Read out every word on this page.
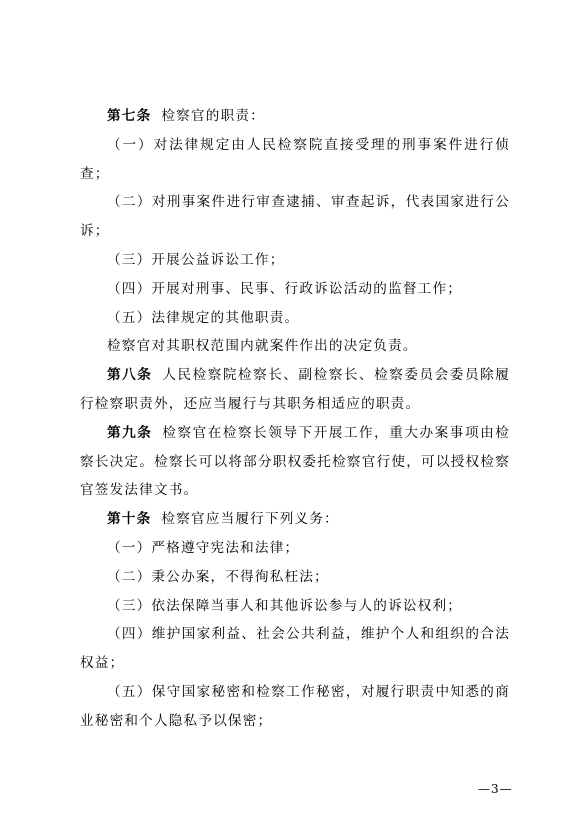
第七条 检察官的职责：

（一）对法律规定由人民检察院直接受理的刑事案件进行侦查；

（二）对刑事案件进行审查逮捕、审查起诉，代表国家进行公诉；

（三）开展公益诉讼工作；

（四）开展对刑事、民事、行政诉讼活动的监督工作；

（五）法律规定的其他职责。

检察官对其职权范围内就案件作出的决定负责。

第八条 人民检察院检察长、副检察长、检察委员会委员除履行检察职责外，还应当履行与其职务相适应的职责。

第九条 检察官在检察长领导下开展工作，重大办案事项由检察长决定。检察长可以将部分职权委托检察官行使，可以授权检察官签发法律文书。

第十条 检察官应当履行下列义务：

（一）严格遵守宪法和法律；

（二）秉公办案，不得徇私枉法；

（三）依法保障当事人和其他诉讼参与人的诉讼权利；

（四）维护国家利益、社会公共利益，维护个人和组织的合法权益；

（五）保守国家秘密和检察工作秘密，对履行职责中知悉的商业秘密和个人隐私予以保密；

—3—
